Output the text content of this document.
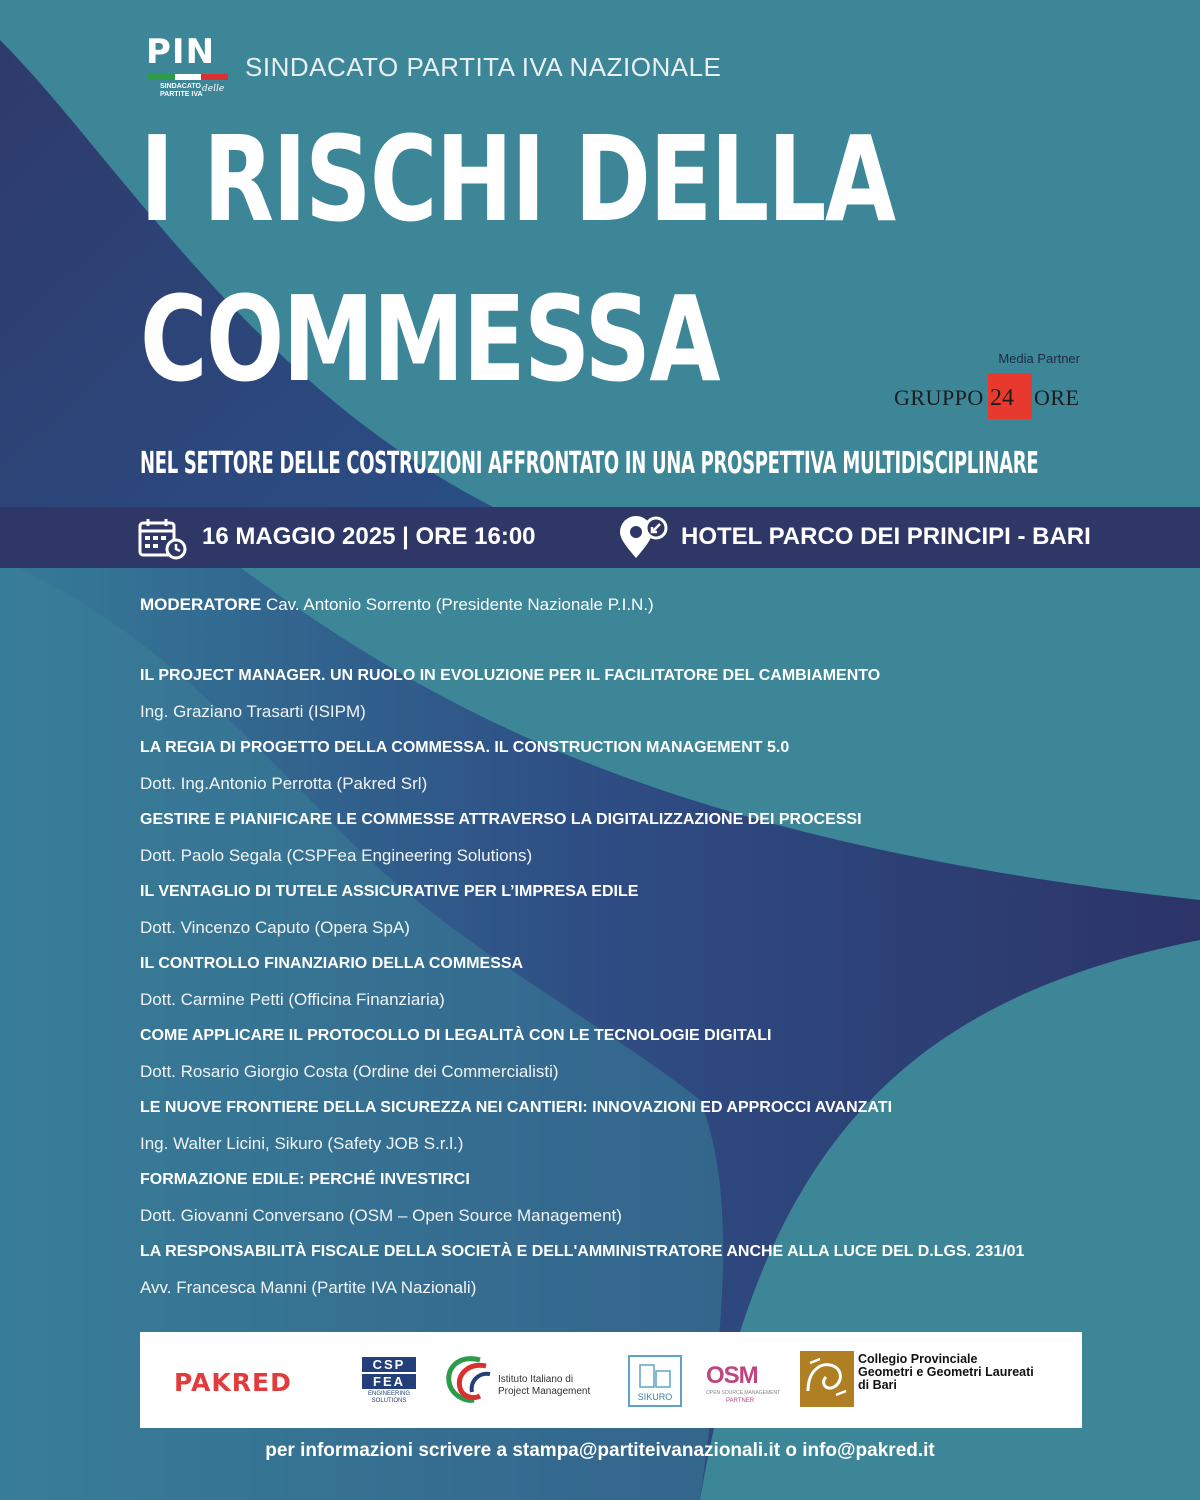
PIN
SINDACATO delle
PARTITE IVA
SINDACATO PARTITA IVA NAZIONALE
I RISCHI DELLA
COMMESSA	Media Partner
GRUPPO 24 ORE
NEL SETTORE DELLE COSTRUZIONI AFFRONTATO IN UNA PROSPETTIVA MULTIDISCIPLINARE
16 MAGGIO 2025 | ORE 16:00	HOTEL PARCO DEI PRINCIPI - BARI
MODERATORE Cav. Antonio Sorrento (Presidente Nazionale P.I.N.)
IL PROJECT MANAGER. UN RUOLO IN EVOLUZIONE PER IL FACILITATORE DEL CAMBIAMENTO
Ing. Graziano Trasarti (ISIPM)
LA REGIA DI PROGETTO DELLA COMMESSA. IL CONSTRUCTION MANAGEMENT 5.0
Dott. Ing.Antonio Perrotta (Pakred Srl)
GESTIRE E PIANIFICARE LE COMMESSE ATTRAVERSO LA DIGITALIZZAZIONE DEI PROCESSI
Dott. Paolo Segala (CSPFea Engineering Solutions)
IL VENTAGLIO DI TUTELE ASSICURATIVE PER L’IMPRESA EDILE
Dott. Vincenzo Caputo (Opera SpA)
IL CONTROLLO FINANZIARIO DELLA COMMESSA
Dott. Carmine Petti (Officina Finanziaria)
COME APPLICARE IL PROTOCOLLO DI LEGALITÀ CON LE TECNOLOGIE DIGITALI
Dott. Rosario Giorgio Costa (Ordine dei Commercialisti)
LE NUOVE FRONTIERE DELLA SICUREZZA NEI CANTIERI: INNOVAZIONI ED APPROCCI AVANZATI
Ing. Walter Licini, Sikuro (Safety JOB S.r.l.)
FORMAZIONE EDILE: PERCHÉ INVESTIRCI
Dott. Giovanni Conversano (OSM – Open Source Management)
LA RESPONSABILITÀ FISCALE DELLA SOCIETÀ E DELL'AMMINISTRATORE ANCHE ALLA LUCE DEL D.LGS. 231/01
Avv. Francesca Manni (Partite IVA Nazionali)
PAKRED
CSP
FEA
ENGINEERING
SOLUTIONS
Istituto Italiano di
Project Management	SIKURO
OSM
OPEN SOURCE MANAGEMENT
PARTNER
Collegio Provinciale
Geometri e Geometri Laureati
di Bari
per informazioni scrivere a stampa@partiteivanazionali.it o info@pakred.it
